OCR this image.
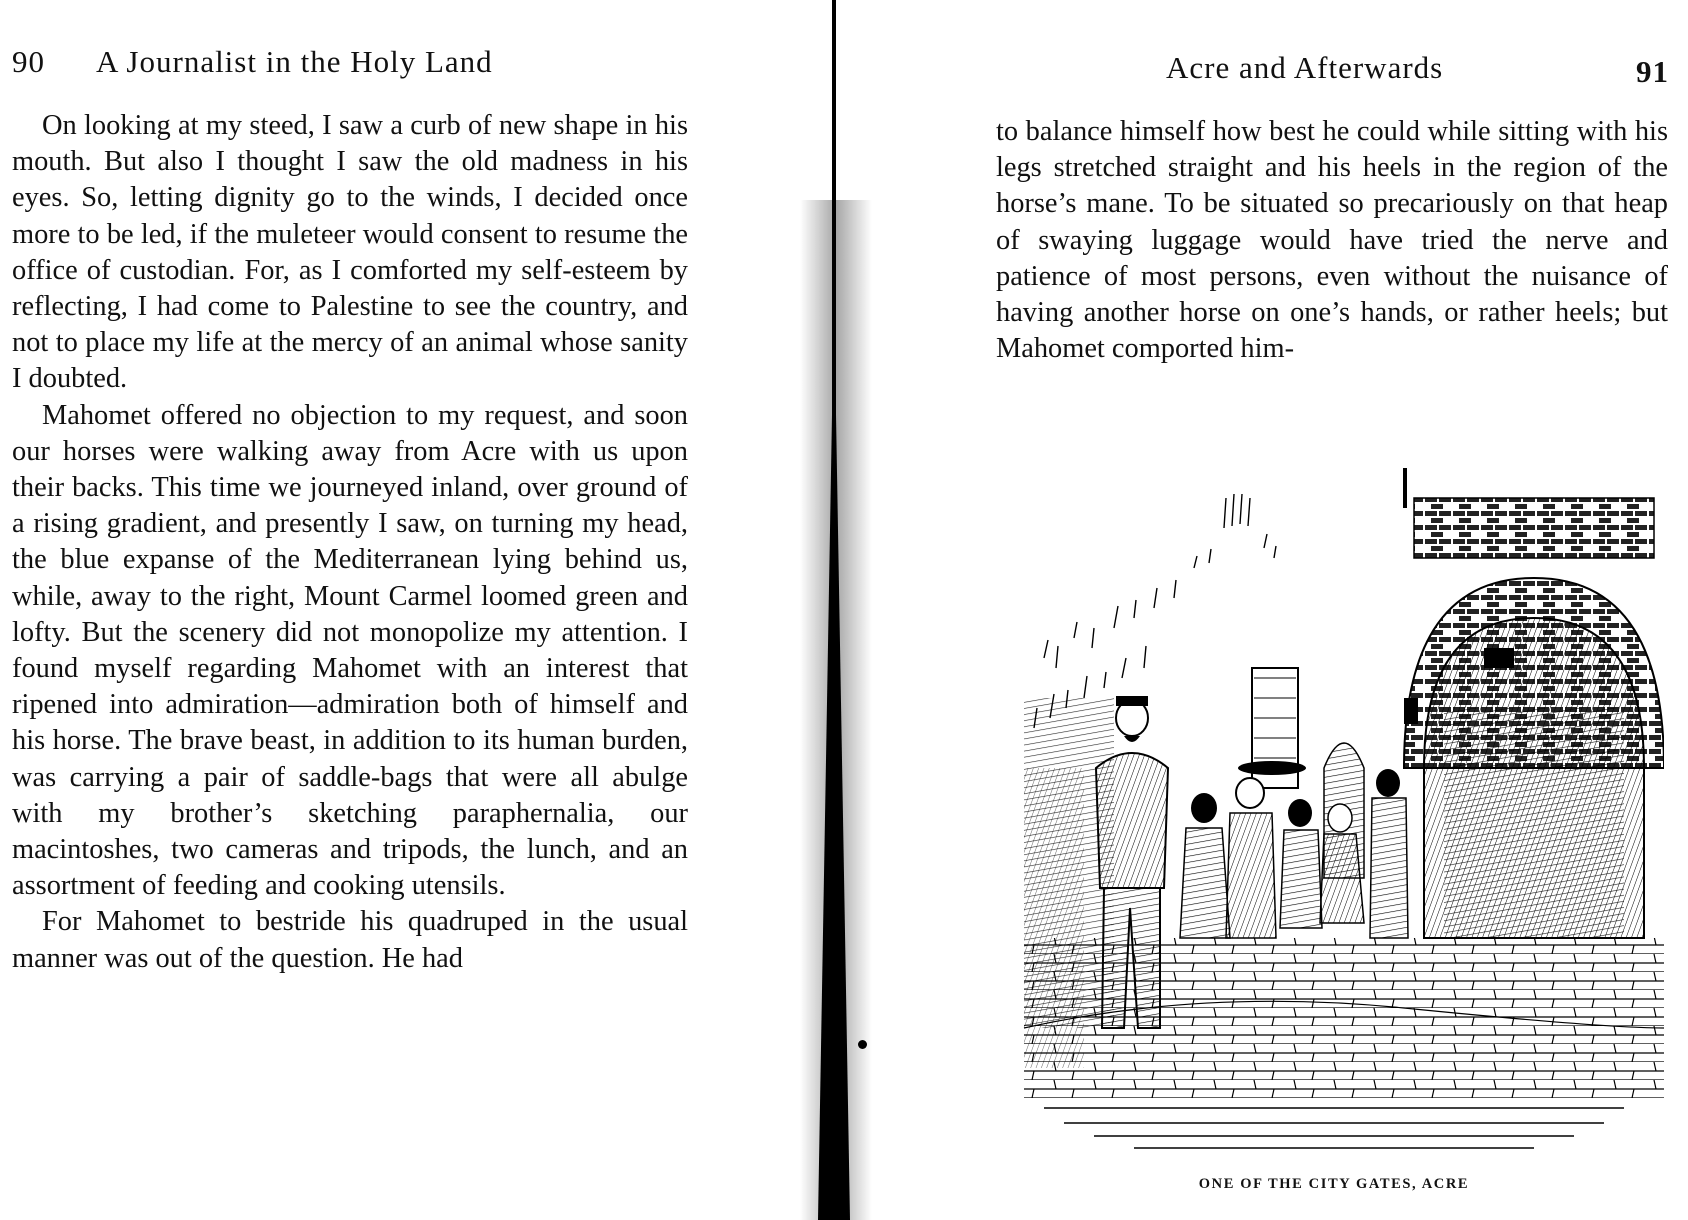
90 A Journalist in the Holy Land

On looking at my steed, I saw a curb of new shape in his mouth. But also I thought I saw the old madness in his eyes. So, letting dignity go to the winds, I decided once more to be led, if the muleteer would consent to resume the office of custodian. For, as I comforted my self-esteem by reflecting, I had come to Palestine to see the country, and not to place my life at the mercy of an animal whose sanity I doubted.

Mahomet offered no objection to my request, and soon our horses were walking away from Acre with us upon their backs. This time we journeyed inland, over ground of a rising gradient, and presently I saw, on turning my head, the blue expanse of the Mediterranean lying behind us, while, away to the right, Mount Carmel loomed green and lofty. But the scenery did not monopolize my attention. I found myself regarding Mahomet with an interest that ripened into admiration—admiration both of himself and his horse. The brave beast, in addition to its human burden, was carrying a pair of saddle-bags that were all abulge with my brother’s sketching paraphernalia, our macintoshes, two cameras and tripods, the lunch, and an assortment of feeding and cooking utensils.

For Mahomet to bestride his quadruped in the usual manner was out of the question. He had

Acre and Afterwards	91

to balance himself how best he could while sitting with his legs stretched straight and his heels in the region of the horse’s mane. To be situated so precariously on that heap of swaying luggage would have tried the nerve and patience of most persons, even without the nuisance of having another horse on one’s hands, or rather heels; but Mahomet comported him-

ONE OF THE CITY GATES, ACRE
